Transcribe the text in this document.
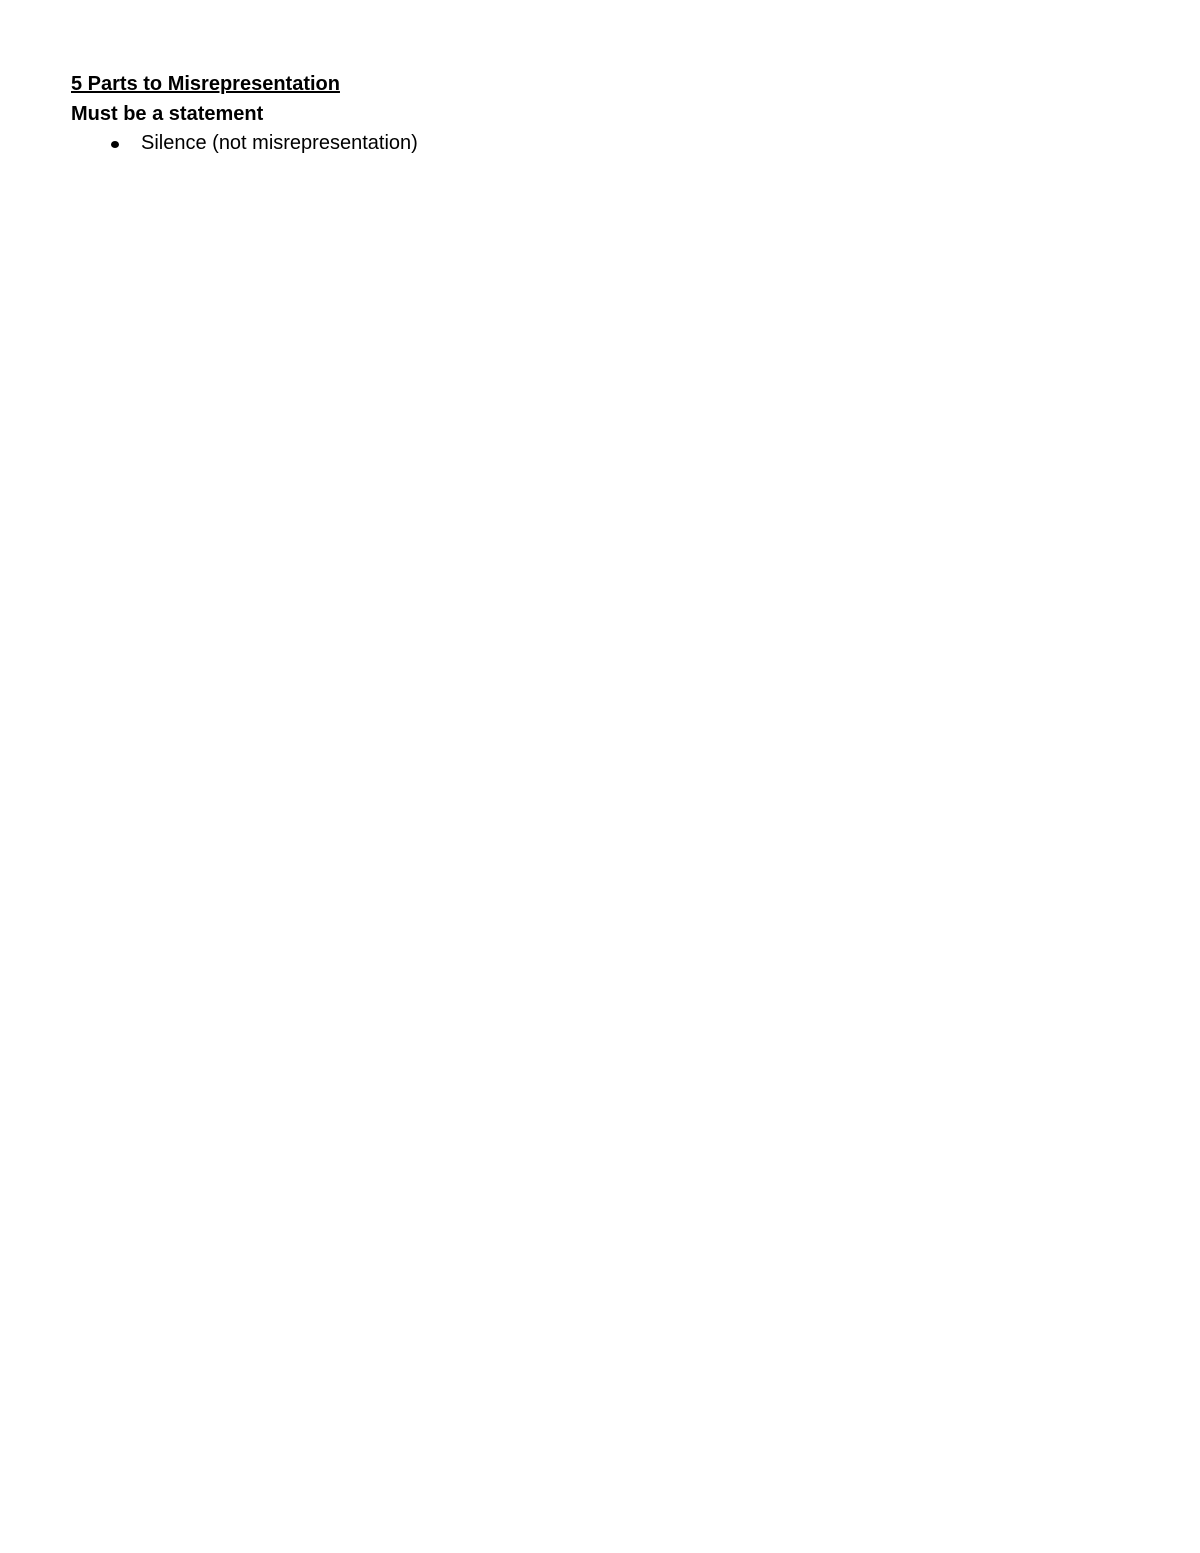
5 Parts to Misrepresentation
Must be a statement
Silence (not misrepresentation)
